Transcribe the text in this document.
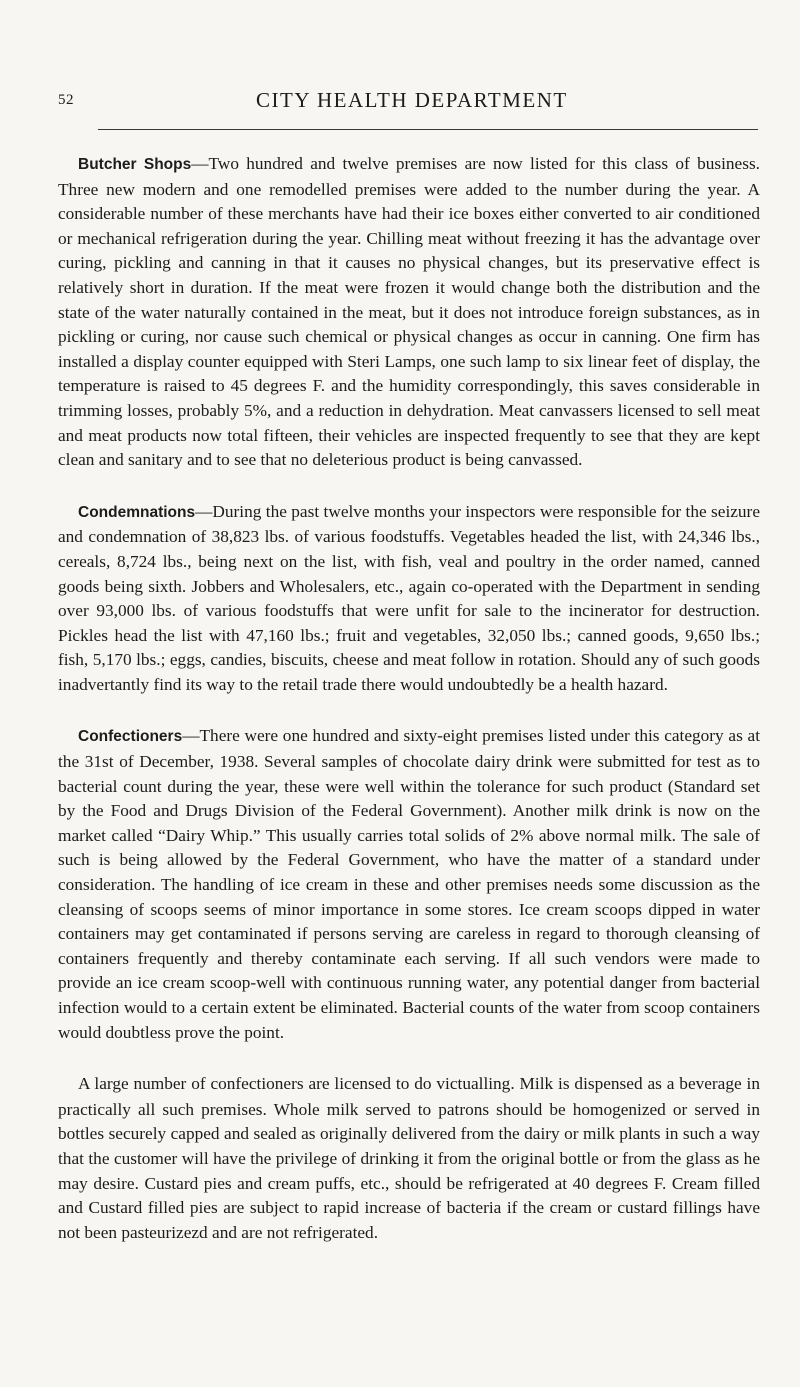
52	CITY HEALTH DEPARTMENT

Butcher Shops—Two hundred and twelve premises are now listed for this class of business. Three new modern and one remodelled premises were added to the number during the year. A considerable number of these merchants have had their ice boxes either converted to air conditioned or mechanical refrigeration during the year. Chilling meat without freezing it has the advantage over curing, pickling and canning in that it causes no physical changes, but its preservative effect is relatively short in duration. If the meat were frozen it would change both the distribution and the state of the water naturally contained in the meat, but it does not introduce foreign substances, as in pickling or curing, nor cause such chemical or physical changes as occur in canning. One firm has installed a display counter equipped with Steri Lamps, one such lamp to six linear feet of display, the temperature is raised to 45 degrees F. and the humidity correspondingly, this saves considerable in trimming losses, probably 5%, and a reduction in dehydration. Meat canvassers licensed to sell meat and meat products now total fifteen, their vehicles are inspected frequently to see that they are kept clean and sanitary and to see that no deleterious product is being canvassed.

Condemnations—During the past twelve months your inspectors were responsible for the seizure and condemnation of 38,823 lbs. of various foodstuffs. Vegetables headed the list, with 24,346 lbs., cereals, 8,724 lbs., being next on the list, with fish, veal and poultry in the order named, canned goods being sixth. Jobbers and Wholesalers, etc., again co-operated with the Department in sending over 93,000 lbs. of various foodstuffs that were unfit for sale to the incinerator for destruction. Pickles head the list with 47,160 lbs.; fruit and vegetables, 32,050 lbs.; canned goods, 9,650 lbs.; fish, 5,170 lbs.; eggs, candies, biscuits, cheese and meat follow in rotation. Should any of such goods inadvertantly find its way to the retail trade there would undoubtedly be a health hazard.

Confectioners—There were one hundred and sixty-eight premises listed under this category as at the 31st of December, 1938. Several samples of chocolate dairy drink were submitted for test as to bacterial count during the year, these were well within the tolerance for such product (Standard set by the Food and Drugs Division of the Federal Government). Another milk drink is now on the market called “Dairy Whip.” This usually carries total solids of 2% above normal milk. The sale of such is being allowed by the Federal Government, who have the matter of a standard under consideration. The handling of ice cream in these and other premises needs some discussion as the cleansing of scoops seems of minor importance in some stores. Ice cream scoops dipped in water containers may get contaminated if persons serving are careless in regard to thorough cleansing of containers frequently and thereby contaminate each serving. If all such vendors were made to provide an ice cream scoop-well with continuous running water, any potential danger from bacterial infection would to a certain extent be eliminated. Bacterial counts of the water from scoop containers would doubtless prove the point.

A large number of confectioners are licensed to do victualling. Milk is dispensed as a beverage in practically all such premises. Whole milk served to patrons should be homogenized or served in bottles securely capped and sealed as originally delivered from the dairy or milk plants in such a way that the customer will have the privilege of drinking it from the original bottle or from the glass as he may desire. Custard pies and cream puffs, etc., should be refrigerated at 40 degrees F. Cream filled and Custard filled pies are subject to rapid increase of bacteria if the cream or custard fillings have not been pasteurizezd and are not refrigerated.
